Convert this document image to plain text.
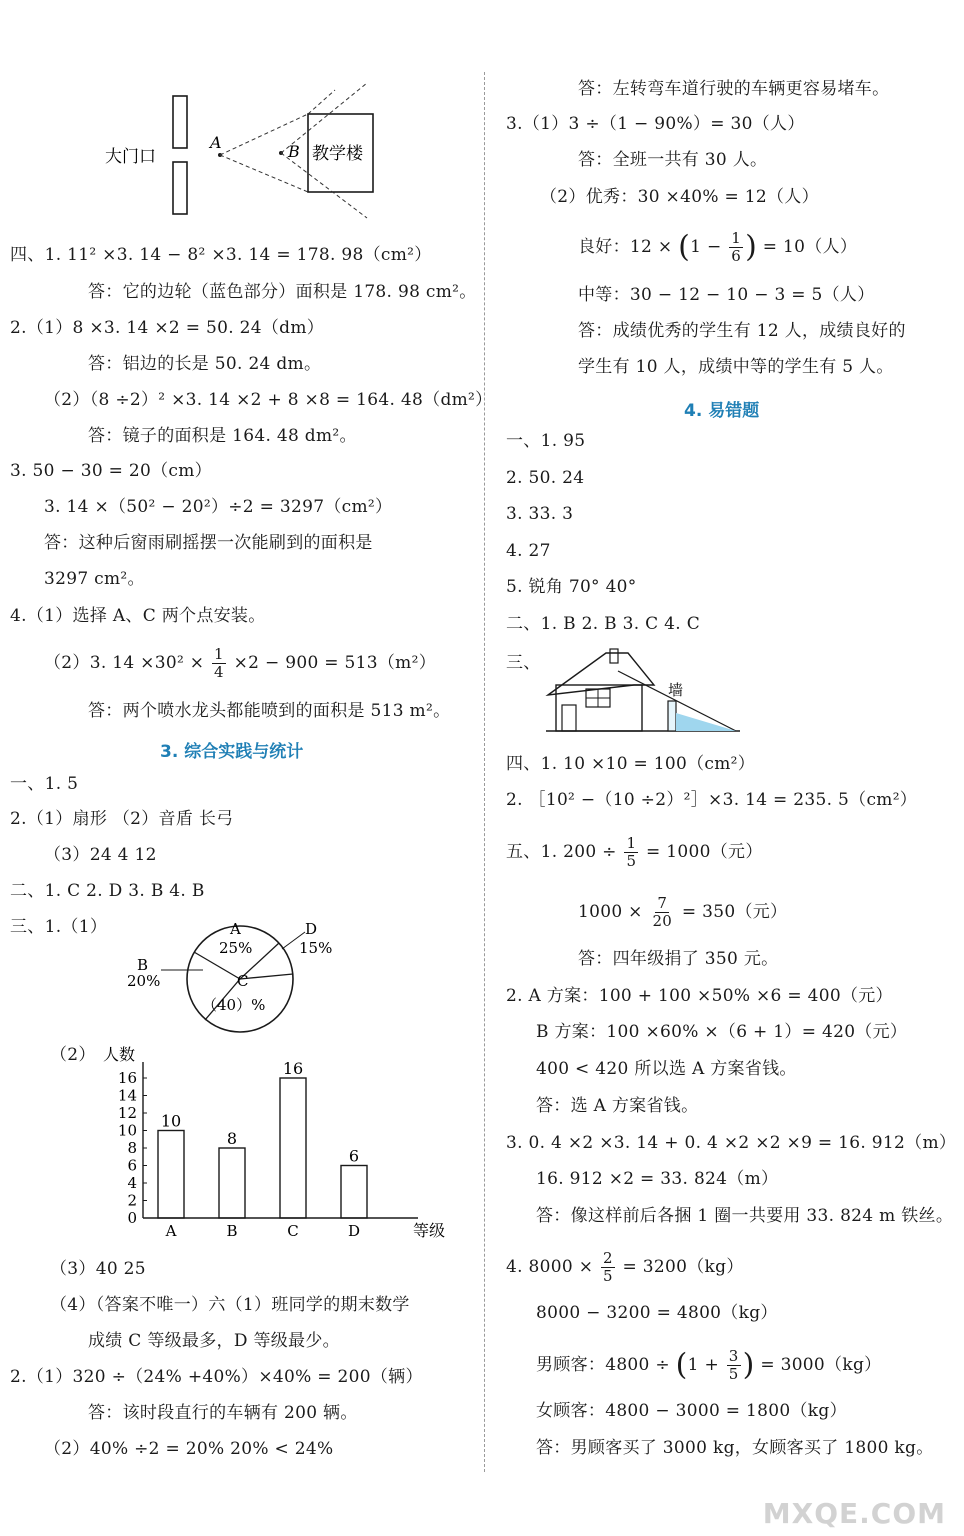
大门口
A	B 教学楼
四、1. 11² ×3. 14 − 8² ×3. 14 = 178. 98（cm²）
答：它的边轮（蓝色部分）面积是 178. 98 cm²。
2.（1）8 ×3. 14 ×2 = 50. 24（dm）
答：铝边的长是 50. 24 dm。
（2）（8 ÷2）² ×3. 14 ×2 + 8 ×8 = 164. 48（dm²）
答：镜子的面积是 164. 48 dm²。
3. 50 − 30 = 20（cm）
3. 14 ×（50² − 20²）÷2 = 3297（cm²）
答：这种后窗雨刷摇摆一次能刷到的面积是
3297 cm²。
4.（1）选择 A、C 两个点安装。
（2）3. $14 \times 30^2 \times \frac{1}{4} \times 2 - 900 = 513(m^2)$
答：两个喷水龙头都能喷到的面积是 513 m²。
3. 综合实践与统计
一、1. 5
2.（1）扇形 （2）音盾 长弓
（3）24 4 12
二、1. C 2. D 3. B 4. B
三、1.（1）	A
25%
D
15%
B
20%	C
（40）%
（2） 人数
等级
0
2
4
6
8
10
12
14
16
10
A
8
B
16
C
6
D
（3）40 25
（4）（答案不唯一）六（1）班同学的期末数学
成绩 C 等级最多，D 等级最少。
2.（1）320 ÷（24% +40%）×40% = 200（辆）
答：该时段直行的车辆有 200 辆。
（2）40% ÷2 = 20% 20% < 24%
答：左转弯车道行驶的车辆更容易堵车。
3.（1）3 ÷（1 − 90%）= 30（人）
答：全班一共有 30 人。
（2）优秀：30 ×40% = 12（人）
良好：$12 \times (1 - \frac{1}{6}$ ) = 10（人）
中等：30 − 12 − 10 − 3 = 5（人）
答：成绩优秀的学生有 12 人，成绩良好的
学生有 10 人，成绩中等的学生有 5 人。
4. 易错题
一、1. 95
2. 50. 24
3. 33. 3
4. 27
5. 锐角 70° 40°
二、1. B 2. B 3. C 4. C
三、
墙
四、1. 10 ×10 = 100（cm²）
2. ［10² −（10 ÷2）²］×3. 14 = 235. 5（cm²）
五、1. $200 \div \frac{1}{5} = 1000$（元）
$1000 \times \frac{7}{20} = 350$（元）
答：四年级捐了 350 元。
2. A 方案：100 + 100 ×50% ×6 = 400（元）
B 方案：100 ×60% ×（6 + 1）= 420（元）
400 < 420 所以选 A 方案省钱。
答：选 A 方案省钱。
3. 0. 4 ×2 ×3. 14 + 0. 4 ×2 ×2 ×9 = 16. 912（m）
16. 912 ×2 = 33. 824（m）
答：像这样前后各捆 1 圈一共要用 33. 824 m 铁丝。
4. $8000 \times \frac{2}{5} = 3200(kg)$
8000 − 3200 = 4800（kg）
男顾客：$4800 \div (1 + \frac{3}{5}$ ) = 3000（kg）
女顾客：4800 − 3000 = 1800（kg）
答：男顾客买了 3000 kg，女顾客买了 1800 kg。
MXQE.COM
